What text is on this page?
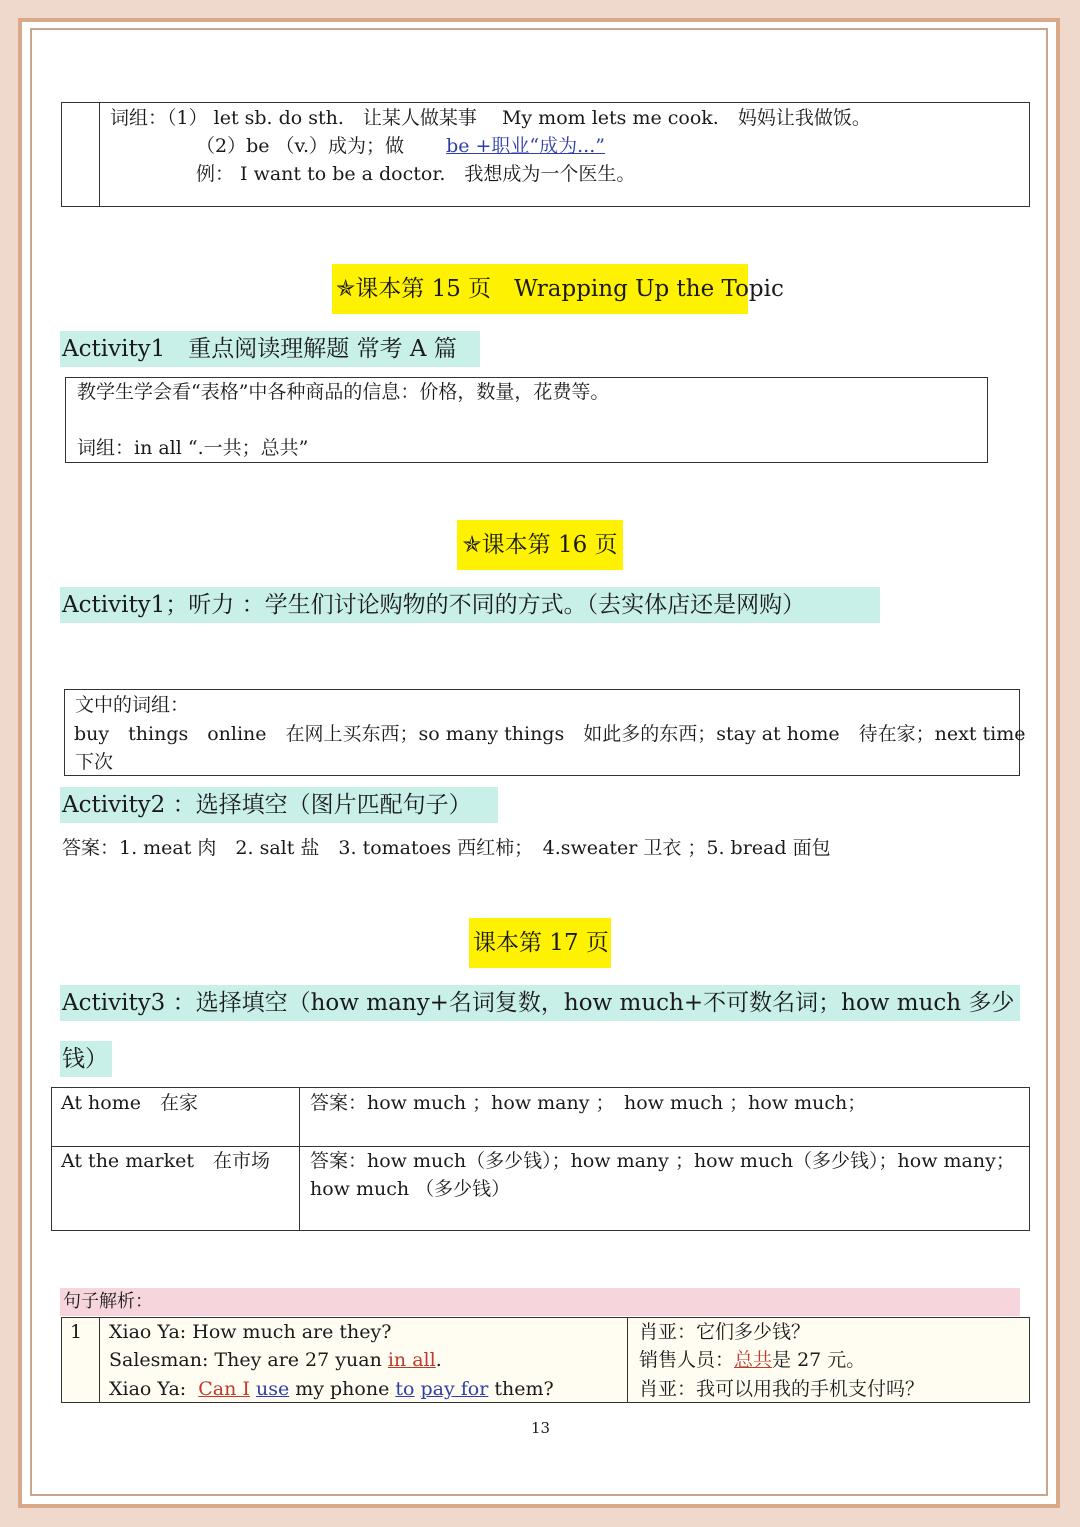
词组：（1） let sb. do sth.　让某人做某事　 My mom lets me cook.　妈妈让我做饭。
（2）be （v.）成为；做 be +职业“成为...”
例： I want to be a doctor.　我想成为一个医生。
✯课本第 15 页　Wrapping Up the Topic
Activity1　重点阅读理解题 常考 A 篇
教学生学会看“表格”中各种商品的信息：价格，数量，花费等。
词组：in all “.一共；总共”
✯课本第 16 页
Activity1；听力 ：学生们讨论购物的不同的方式。（去实体店还是网购）
文中的词组：
buy　things　online　在网上买东西；so many things　如此多的东西；stay at home　待在家；next time
下次
Activity2 ：选择填空（图片匹配句子）
答案：1. meat 肉　2. salt 盐　3. tomatoes 西红柿；　4.sweater 卫衣 ；5. bread 面包
课本第 17 页
Activity3 ：选择填空（how many+名词复数，how much+不可数名词；how much 多少
钱）
At home　在家	答案：how much ；how many ；　how much ；how much；
At the market　在市场 答案：how much（多少钱）；how many ；how much（多少钱）；how many；
how much （多少钱）
句子解析：
1 Xiao Ya: How much are they?
Salesman: They are 27 yuan in all.
Xiao Ya: Can I use my phone to pay for them?
肖亚：它们多少钱？
销售人员：总共是 27 元。
肖亚：我可以用我的手机支付吗？
13
